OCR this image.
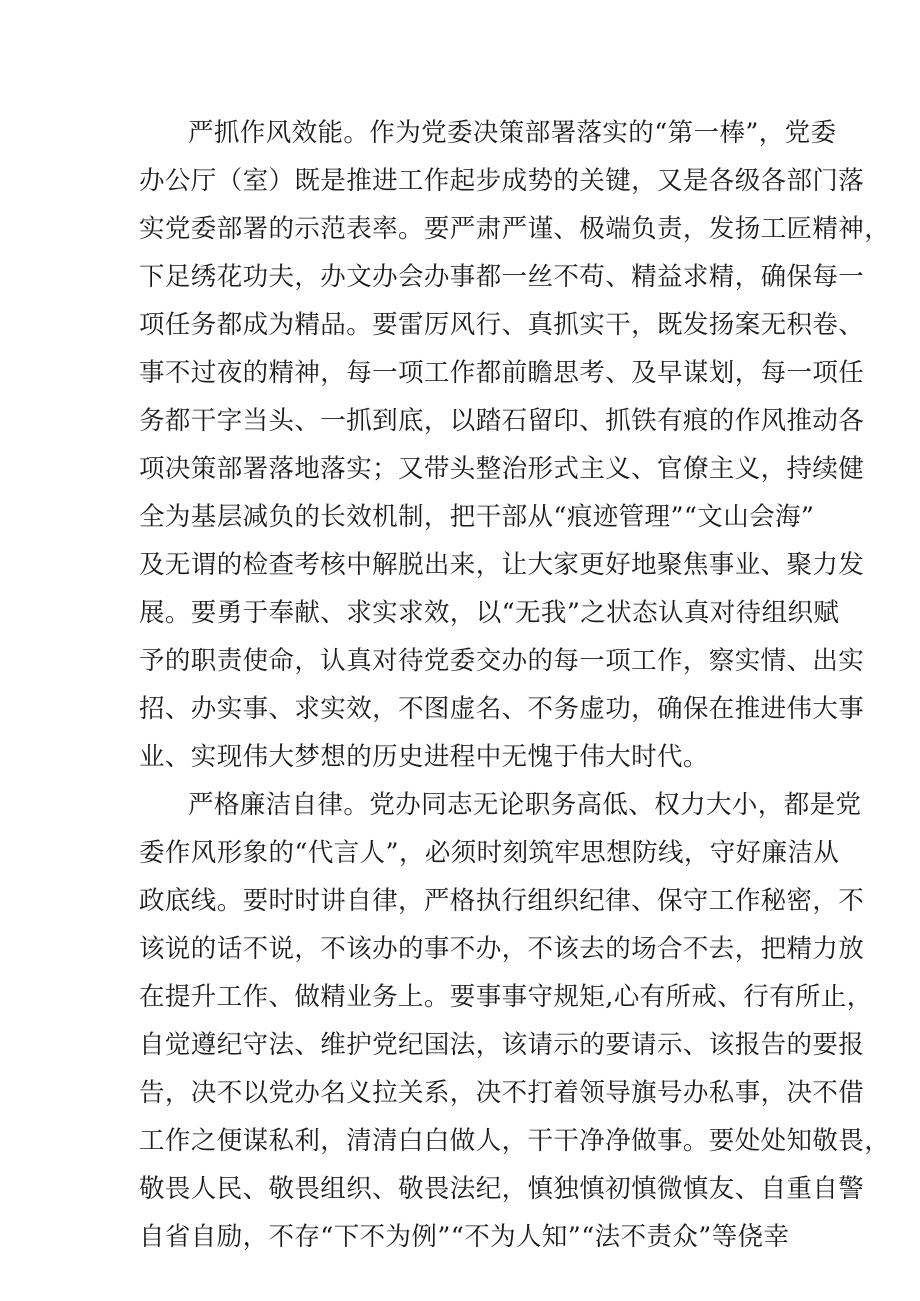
严抓作风效能。作为党委决策部署落实的“第一棒”，党委
办公厅（室）既是推进工作起步成势的关键，又是各级各部门落
实党委部署的示范表率。要严肃严谨、极端负责，发扬工匠精神，
下足绣花功夫，办文办会办事都一丝不苟、精益求精，确保每一
项任务都成为精品。要雷厉风行、真抓实干，既发扬案无积卷、
事不过夜的精神，每一项工作都前瞻思考、及早谋划，每一项任
务都干字当头、一抓到底，以踏石留印、抓铁有痕的作风推动各
项决策部署落地落实；又带头整治形式主义、官僚主义，持续健
全为基层减负的长效机制，把干部从“痕迹管理”“文山会海”
及无谓的检查考核中解脱出来，让大家更好地聚焦事业、聚力发
展。要勇于奉献、求实求效，以“无我”之状态认真对待组织赋
予的职责使命，认真对待党委交办的每一项工作，察实情、出实
招、办实事、求实效，不图虚名、不务虚功，确保在推进伟大事
业、实现伟大梦想的历史进程中无愧于伟大时代。
严格廉洁自律。党办同志无论职务高低、权力大小，都是党
委作风形象的“代言人”，必须时刻筑牢思想防线，守好廉洁从
政底线。要时时讲自律，严格执行组织纪律、保守工作秘密，不
该说的话不说，不该办的事不办，不该去的场合不去，把精力放
在提升工作、做精业务上。要事事守规矩,心有所戒、行有所止，
自觉遵纪守法、维护党纪国法，该请示的要请示、该报告的要报
告，决不以党办名义拉关系，决不打着领导旗号办私事，决不借
工作之便谋私利，清清白白做人，干干净净做事。要处处知敬畏，
敬畏人民、敬畏组织、敬畏法纪，慎独慎初慎微慎友、自重自警
自省自励，不存“下不为例”“不为人知”“法不责众”等侥幸
